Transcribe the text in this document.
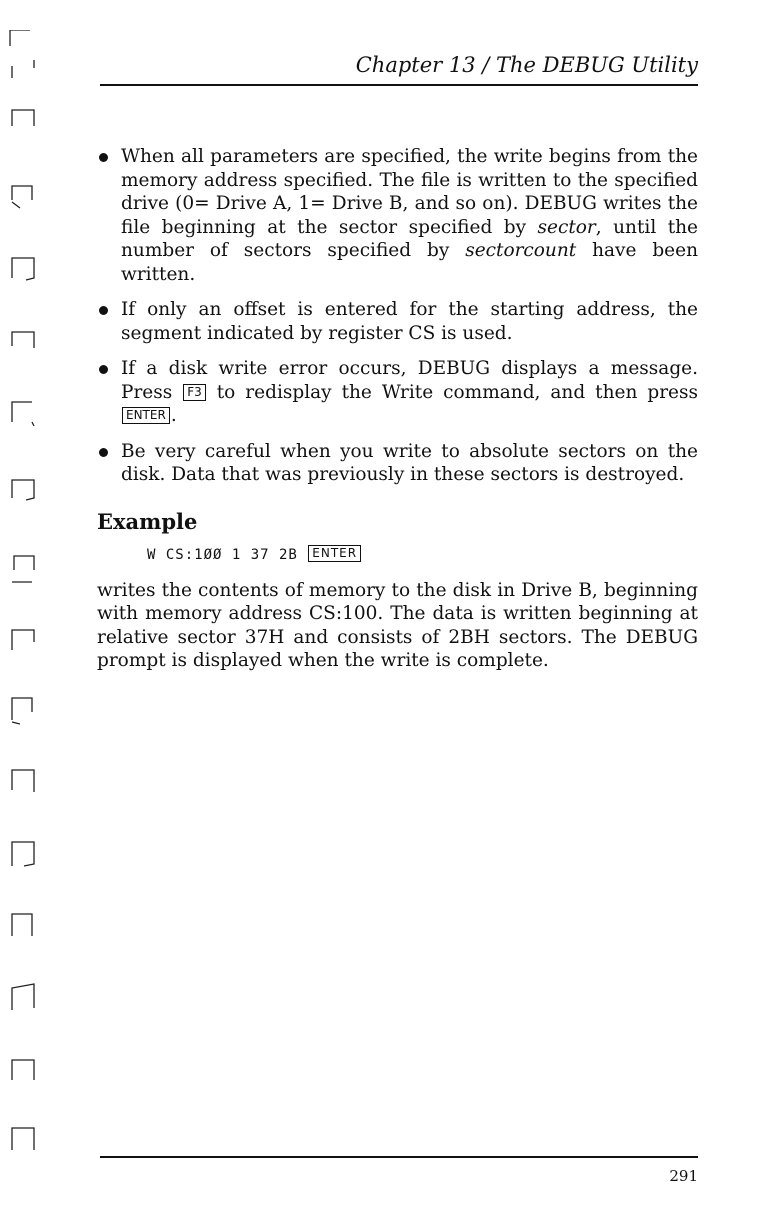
Chapter 13 / The DEBUG Utility
When all parameters are specified, the write begins from the memory address specified. The file is written to the specified drive (0= Drive A, 1= Drive B, and so on). DEBUG writes the file beginning at the sector specified by sector, until the number of sectors specified by sectorcount have been written.
If only an offset is entered for the starting address, the segment indicated by register CS is used.
If a disk write error occurs, DEBUG displays a message. Press F3 to redisplay the Write command, and then press ENTER .
Be very careful when you write to absolute sectors on the disk. Data that was previously in these sectors is destroyed.
Example
W CS:1ØØ 1 37 2B ENTER

writes the contents of memory to the disk in Drive B, beginning with memory address CS:100. The data is written beginning at relative sector 37H and consists of 2BH sectors. The DEBUG prompt is displayed when the write is complete.

291
